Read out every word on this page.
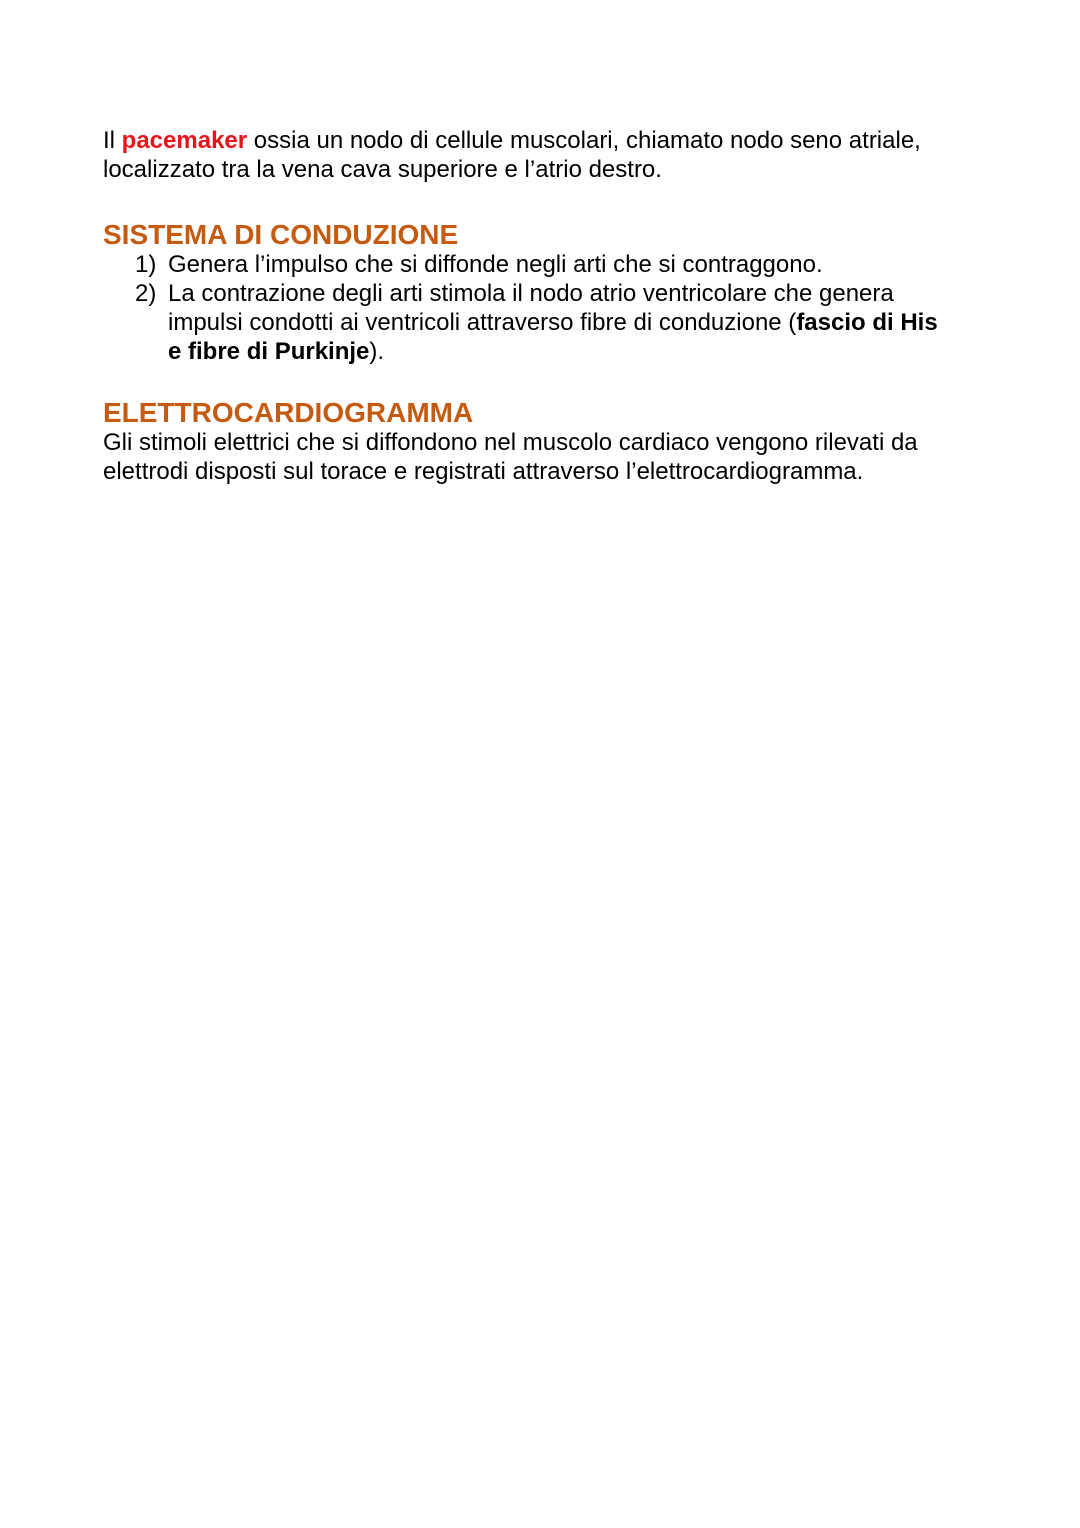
Il pacemaker ossia un nodo di cellule muscolari, chiamato nodo seno atriale, localizzato tra la vena cava superiore e l’atrio destro.

SISTEMA DI CONDUZIONE
1) Genera l’impulso che si diffonde negli arti che si contraggono.
2) La contrazione degli arti stimola il nodo atrio ventricolare che genera impulsi condotti ai ventricoli attraverso fibre di conduzione (fascio di His e fibre di Purkinje).
ELETTROCARDIOGRAMMA

Gli stimoli elettrici che si diffondono nel muscolo cardiaco vengono rilevati da elettrodi disposti sul torace e registrati attraverso l’elettrocardiogramma.
